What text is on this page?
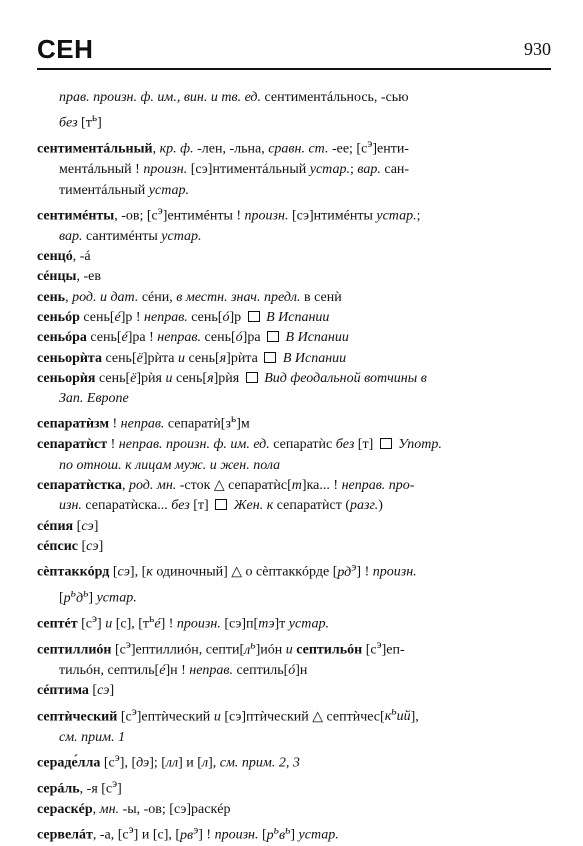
СЕН	930
прав. произн. ф. им., вин. и тв. ед. сентиментáльнось, -сью
без $[т^ь]$
сентиментáльный, кр. ф. -лен, -льна, сравн. ст. -ее; $[с^э]енти-$
ментáльный ! произн. [сэ]нтиментáльный устар.; вар. сан-
тиментáльный устар.
сентимéнты, -ов; $[с^э]ентимéнты$ ! произн. [сэ]нтимéнты устар.;
вар. сантимéнты устар.
сенцó, -á
сéнцы, -ев
сень, род. и дат. сéни, в местн. знач. предл. в сенѝ
сеньóр сень[é]р ! неправ. сень[ó]р  В Испании
сеньóра сень[é]ра ! неправ. сень[ó]ра  В Испании
сеньорѝта сень[ё]рѝта и сень[я]рѝта  В Испании
сеньорѝя сень[ё]рѝя и сень[я]рѝя  Вид феодальной вотчины в
Зап. Европе
сепаратѝзм ! неправ. $сепаратѝ[з^ь]м$
сепаратѝст ! неправ. произн. ф. им. ед. сепаратѝс без [т]  Употр.
по отнош. к лицам муж. и жен. пола
сепаратѝстка, род. мн. -сток △ сепаратѝс[т]ка... ! неправ. про-
изн. сепаратѝска... без [т]  Жен. к сепаратѝст (разг.)
сéпия [сэ]
сéпсис [сэ]
сèптаккóрд [сэ], [к одиночный] △ о сèптаккóрде $[рд^э]$ ! произн.
$[р^ьд^ь]$ устар.
септéт $[с^э]$ и [с], $[т^ьé]$ ! произн. [сэ]п[тэ]т устар.
септиллиóн $[с^э]ептиллиóн$, $септи[л^ь]иóн$ и септильóн $[с^э]еп-$
тильóн, септиль[é]н ! неправ. септиль[ó]н
сéптима [сэ]
септѝческий $[с^э]ептѝческий$ и [сэ]птѝческий △ $септѝчес[к^ьий]$,
см. прим. 1
сераде́лла $[с^э]$, [дэ]; [лл] и [л], см. прим. 2, 3
серáль, -я $[с^э]$
сераскéр, мн. -ы, -ов; [сэ]раскéр
сервелáт, -а, $[с^э]$ и [с], $[рв^э]$ ! произн. $[р^ьв^ь]$ устар.
